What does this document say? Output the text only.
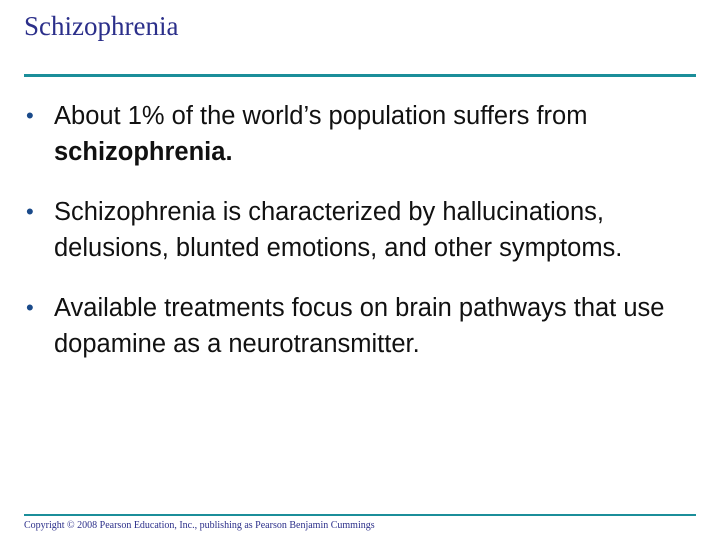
Schizophrenia
• About 1% of the world’s population suffers from schizophrenia.
• Schizophrenia is characterized by hallucinations, delusions, blunted emotions, and other symptoms.
• Available treatments focus on brain pathways that use dopamine as a neurotransmitter.
Copyright © 2008 Pearson Education, Inc., publishing as Pearson Benjamin Cummings
